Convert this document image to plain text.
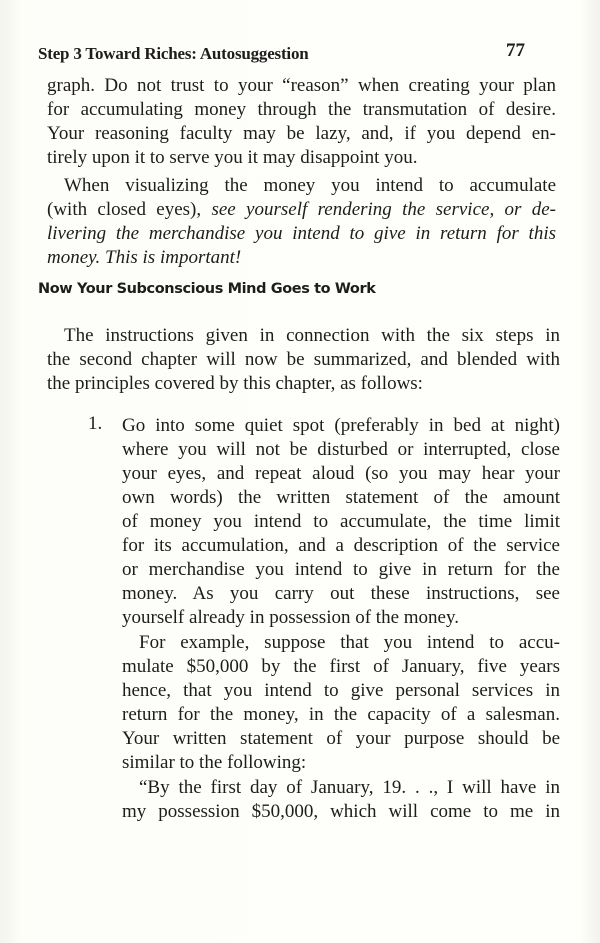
Step 3 Toward Riches: Autosuggestion	77
Now Your Subconscious Mind Goes to Work
graph. Do not trust to your “reason” when creating your plan
for accumulating money through the transmutation of desire.
Your reasoning faculty may be lazy, and, if you depend en-
tirely upon it to serve you it may disappoint you.
When visualizing the money you intend to accumulate
(with closed eyes), see yourself rendering the service, or de-
livering the merchandise you intend to give in return for this
money. This is important!
The instructions given in connection with the six steps in
the second chapter will now be summarized, and blended with
the principles covered by this chapter, as follows:
1. Go into some quiet spot (preferably in bed at night)
where you will not be disturbed or interrupted, close
your eyes, and repeat aloud (so you may hear your
own words) the written statement of the amount
of money you intend to accumulate, the time limit
for its accumulation, and a description of the service
or merchandise you intend to give in return for the
money. As you carry out these instructions, see
yourself already in possession of the money.
For example, suppose that you intend to accu-
mulate $50,000 by the first of January, five years
hence, that you intend to give personal services in
return for the money, in the capacity of a salesman.
Your written statement of your purpose should be
similar to the following:
“By the first day of January, 19. . ., I will have in
my possession $50,000, which will come to me in
